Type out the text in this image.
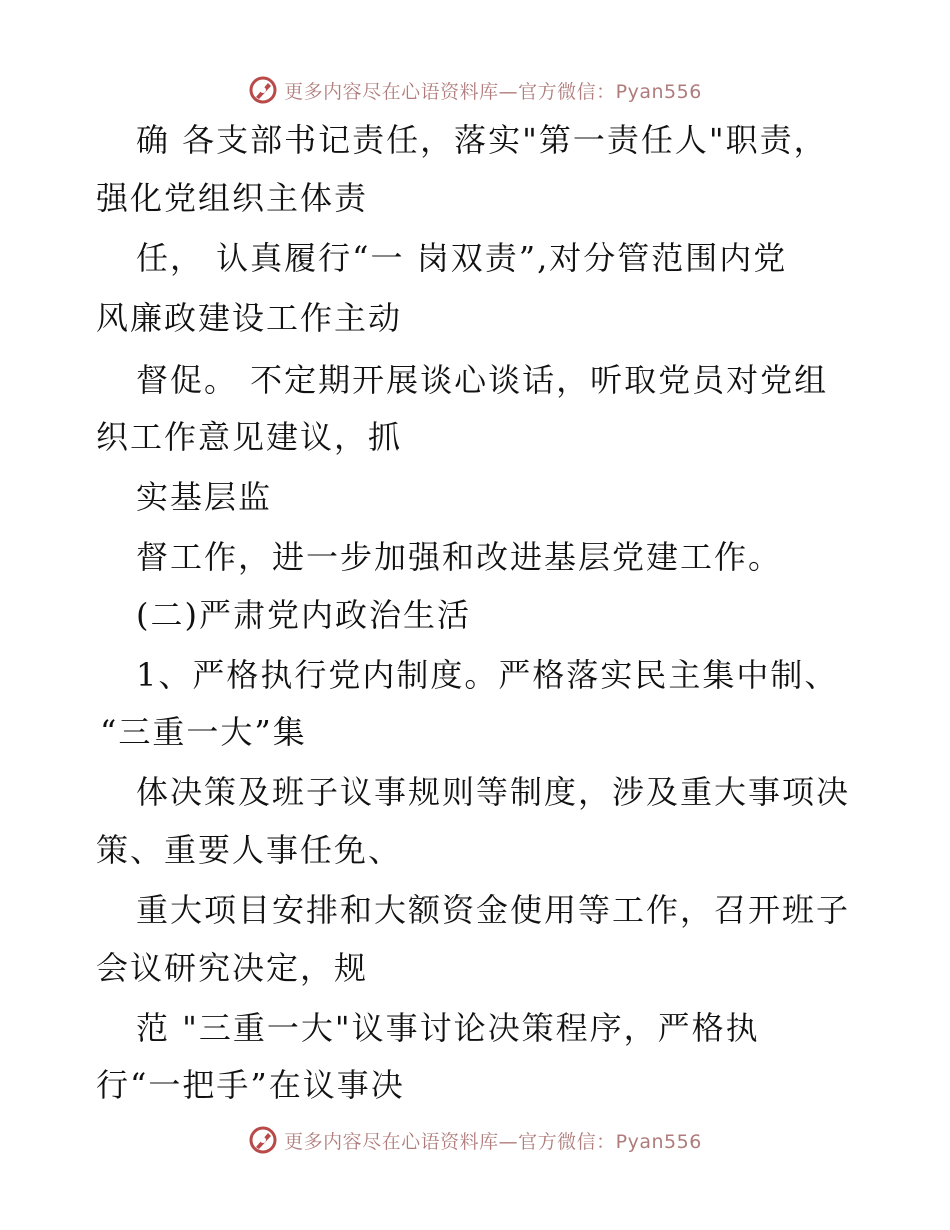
更多内容尽在心语资料库—官方微信：Pyan556
确 各支部书记责任，落实"第一责任人"职责，
强化党组织主体责
任， 认真履行“一 岗双责”,对分管范围内党
风廉政建设工作主动
督促。 不定期开展谈心谈话，听取党员对党组
织工作意见建议，抓
实基层监
督工作，进一步加强和改进基层党建工作。
(二)严肃党内政治生活
1、严格执行党内制度。严格落实民主集中制、
“三重一大”集
体决策及班子议事规则等制度，涉及重大事项决
策、重要人事任免、
重大项目安排和大额资金使用等工作，召开班子
会议研究决定，规
范 "三重一大"议事讨论决策程序，严格执
行“一把手”在议事决
更多内容尽在心语资料库—官方微信：Pyan556
